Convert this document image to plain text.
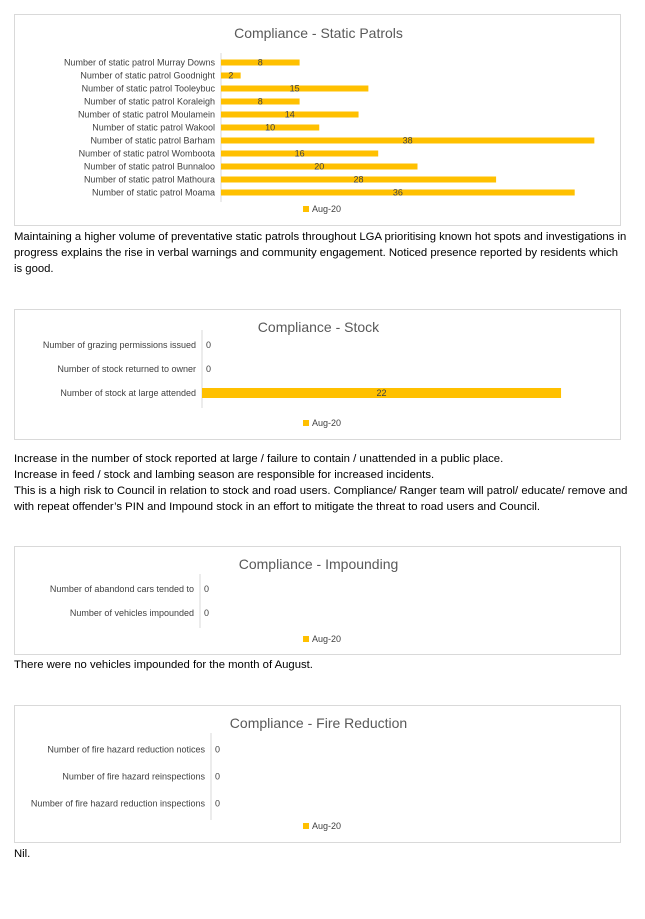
Compliance - Static Patrols
Number of static patrol Murray Downs	8
Number of static patrol Goodnight 2
Number of static patrol Tooleybuc	15
Number of static patrol Koraleigh	8
Number of static patrol Moulamein	14
Number of static patrol Wakool	10
Number of static patrol Barham	38
Number of static patrol Womboota	16
Number of static patrol Bunnaloo	20
Number of static patrol Mathoura	28
Number of static patrol Moama	36
Aug-20

Maintaining a higher volume of preventative static patrols throughout LGA prioritising known hot spots and investigations in progress explains the rise in verbal warnings and community engagement. Noticed presence reported by residents which is good.

Compliance - Stock
Number of grazing permissions issued 0
Number of stock returned to owner 0
Number of stock at large attended	22
Aug-20

Increase in the number of stock reported at large / failure to contain / unattended in a public place.

Increase in feed / stock and lambing season are responsible for increased incidents.

This is a high risk to Council in relation to stock and road users. Compliance/ Ranger team will patrol/ educate/ remove and with repeat offender’s PIN and Impound stock in an effort to mitigate the threat to road users and Council.

Compliance - Impounding
Number of abandond cars tended to 0
Number of vehicles impounded 0
Aug-20

There were no vehicles impounded for the month of August.

Compliance - Fire Reduction
Number of fire hazard reduction notices 0
Number of fire hazard reinspections 0
Number of fire hazard reduction inspections 0
Aug-20

Nil.
